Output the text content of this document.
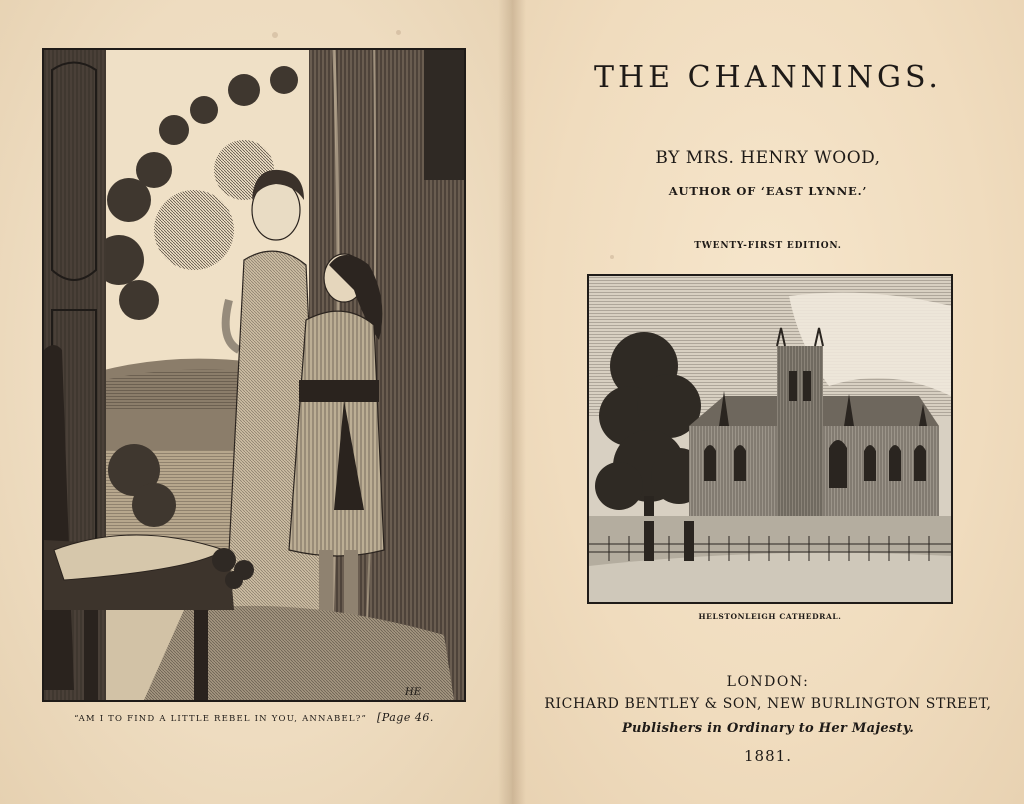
HE
“AM I TO FIND A LITTLE REBEL IN YOU, ANNABEL?” [Page 46.
THE CHANNINGS.
BY MRS. HENRY WOOD,
AUTHOR OF ‘EAST LYNNE.’
TWENTY-FIRST EDITION.
HELSTONLEIGH CATHEDRAL.
LONDON:
RICHARD BENTLEY & SON, NEW BURLINGTON STREET,
Publishers in Ordinary to Her Majesty.
1881.
